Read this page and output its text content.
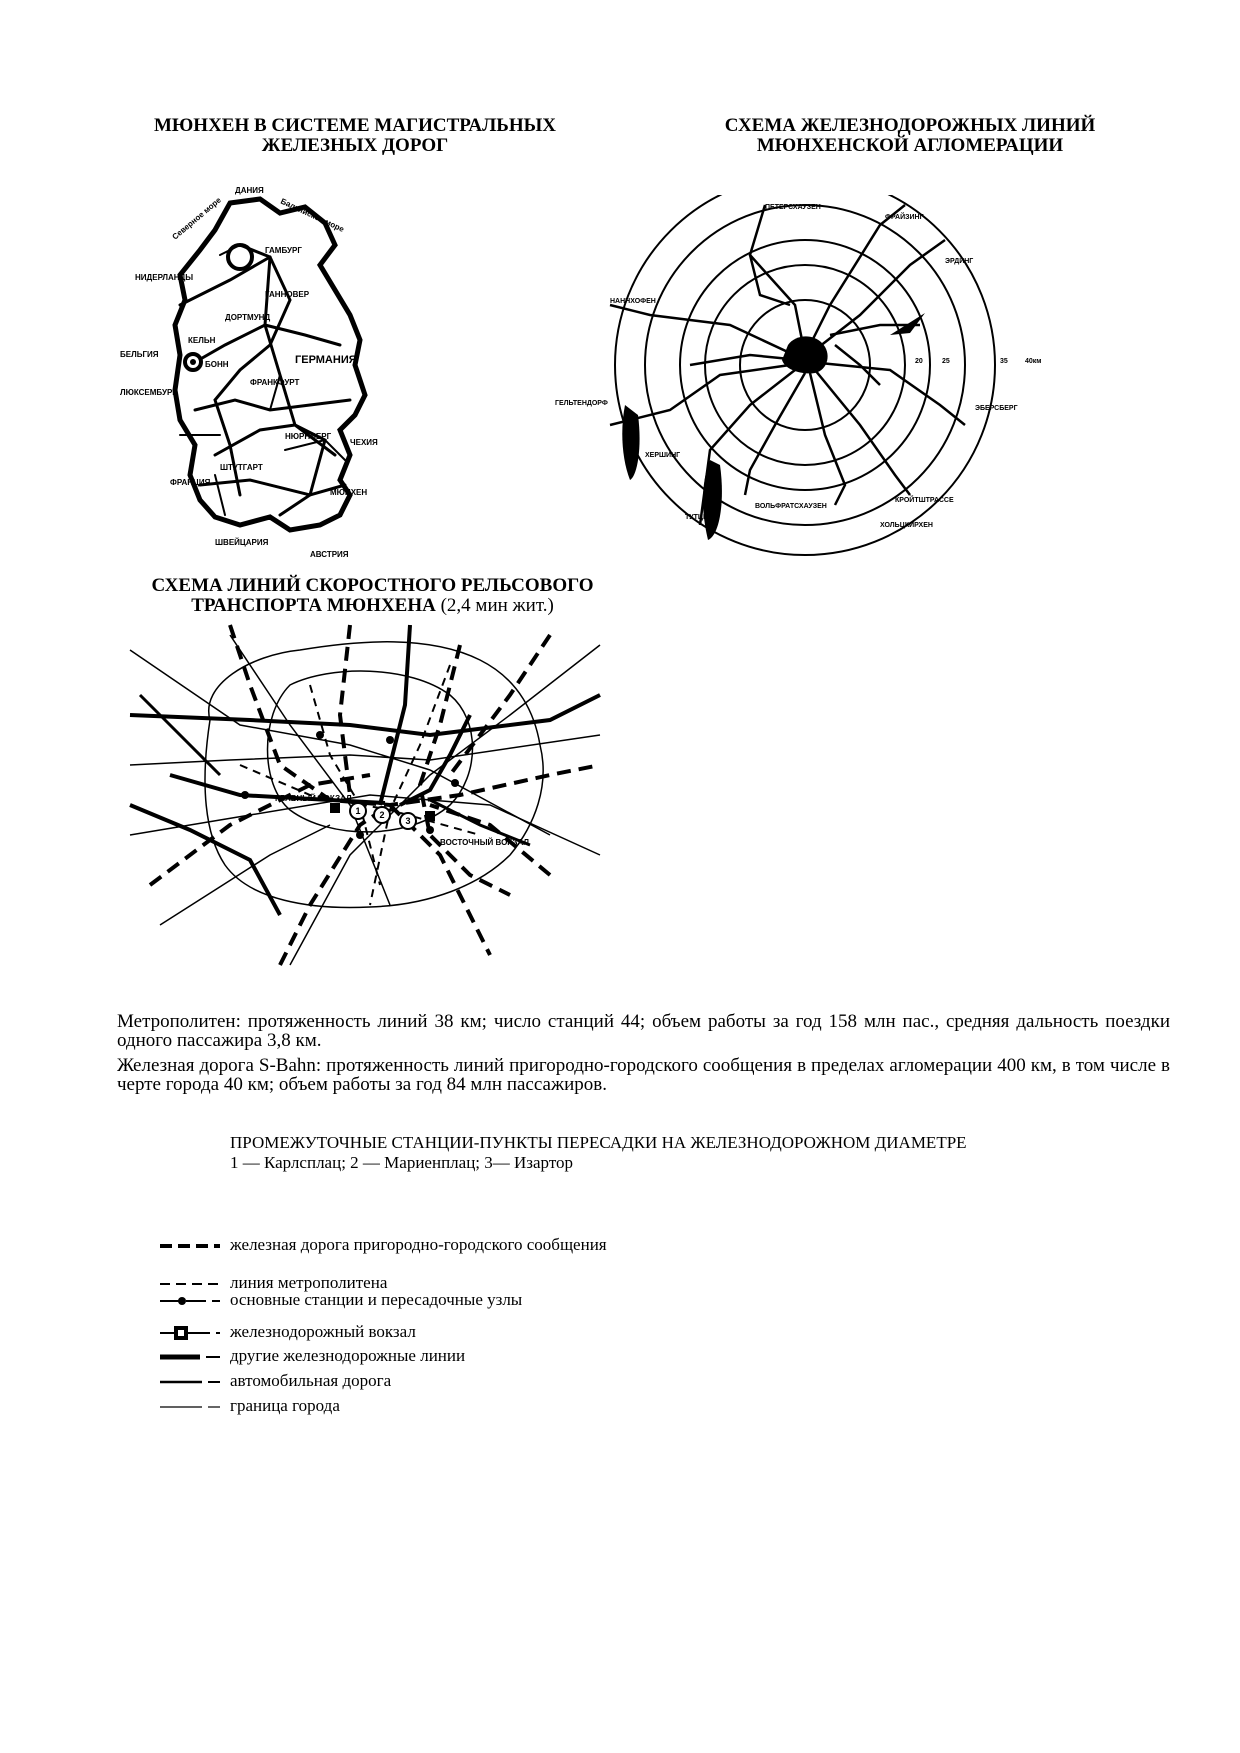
МЮНХЕН В СИСТЕМЕ МАГИСТРАЛЬНЫХ
ЖЕЛЕЗНЫХ ДОРОГ
СХЕМА ЖЕЛЕЗНОДОРОЖНЫХ ЛИНИЙ
МЮНХЕНСКОЙ АГЛОМЕРАЦИИ
ДАНИЯ
Балтийское море
Северное море
ГАМБУРГ
НИДЕРЛАНДЫ
ГАННОВЕР
ДОРТМУНД
КЕЛЬН
БЕЛЬГИЯ
БОНН	ГЕРМАНИЯ
ЛЮКСЕМБУРГ
ФРАНКФУРТ
НЮРНБЕРГ
ЧЕХИЯ
ШТУТГАРТ
ФРАНЦИЯ
МЮНХЕН
ШВЕЙЦАРИЯ
АВСТРИЯ
ПЕТЕРСХАУЗЕН
ФРАЙЗИНГ
ЭРДИНГ
НАННХОФЕН
ГЕЛЬТЕНДОРФ
ХЕРШИНГ
ТУТЦИНГ
ВОЛЬФРАТСХАУЗЕН
КРОЙТШТРАССЕ
ХОЛЬЦКИРХЕН
ЭБЕРСБЕРГ
20	25	35 40км
СХЕМА ЛИНИЙ СКОРОСТНОГО РЕЛЬСОВОГО
ТРАНСПОРТА МЮНХЕНА (2,4 мин жит.)
1 2
3
ГЛАВНЫЙ ВОКЗАЛ
ВОСТОЧНЫЙ ВОКЗАЛ

Метрополитен: протяженность линий 38 км; число станций 44; объем работы за год 158 млн пас., средняя дальность поездки одного пассажира 3,8 км.

Железная дорога S-Bahn: протяженность линий пригородно-городского сообщения в пределах агломерации 400 км, в том числе в черте города 40 км; объем работы за год 84 млн пассажиров.

ПРОМЕЖУТОЧНЫЕ СТАНЦИИ-ПУНКТЫ ПЕРЕСАДКИ НА ЖЕЛЕЗНОДОРОЖНОМ ДИАМЕТРЕ
1 — Карлсплац; 2 — Мариенплац; 3— Изартор
железная дорога пригородно-городского сообщения
линия метрополитена
основные станции и пересадочные узлы
железнодорожный вокзал
другие железнодорожные линии
автомобильная дорога
граница города
